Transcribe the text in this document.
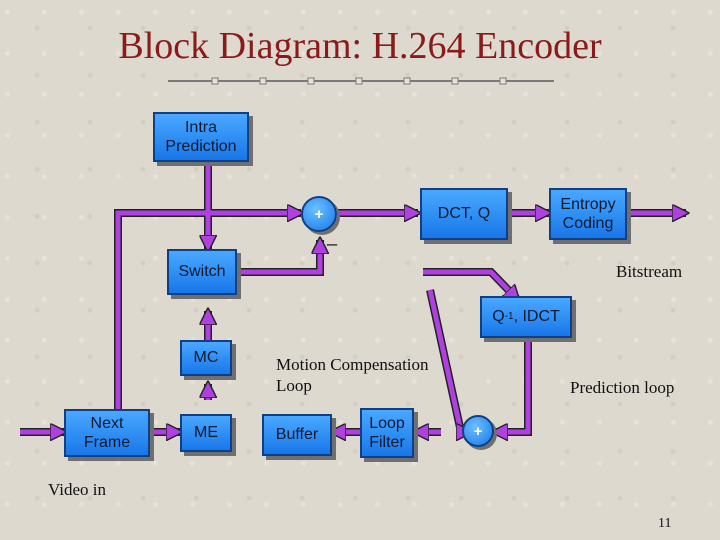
Block Diagram: H.264 Encoder
Intra Prediction
+
_
DCT, Q
Entropy Coding
Switch	Bitstream
Q -1 , IDCT
MC	Motion Compensation Loop	Prediction loop
Next Frame
ME	Buffer
Loop Filter
+
Video in
11
